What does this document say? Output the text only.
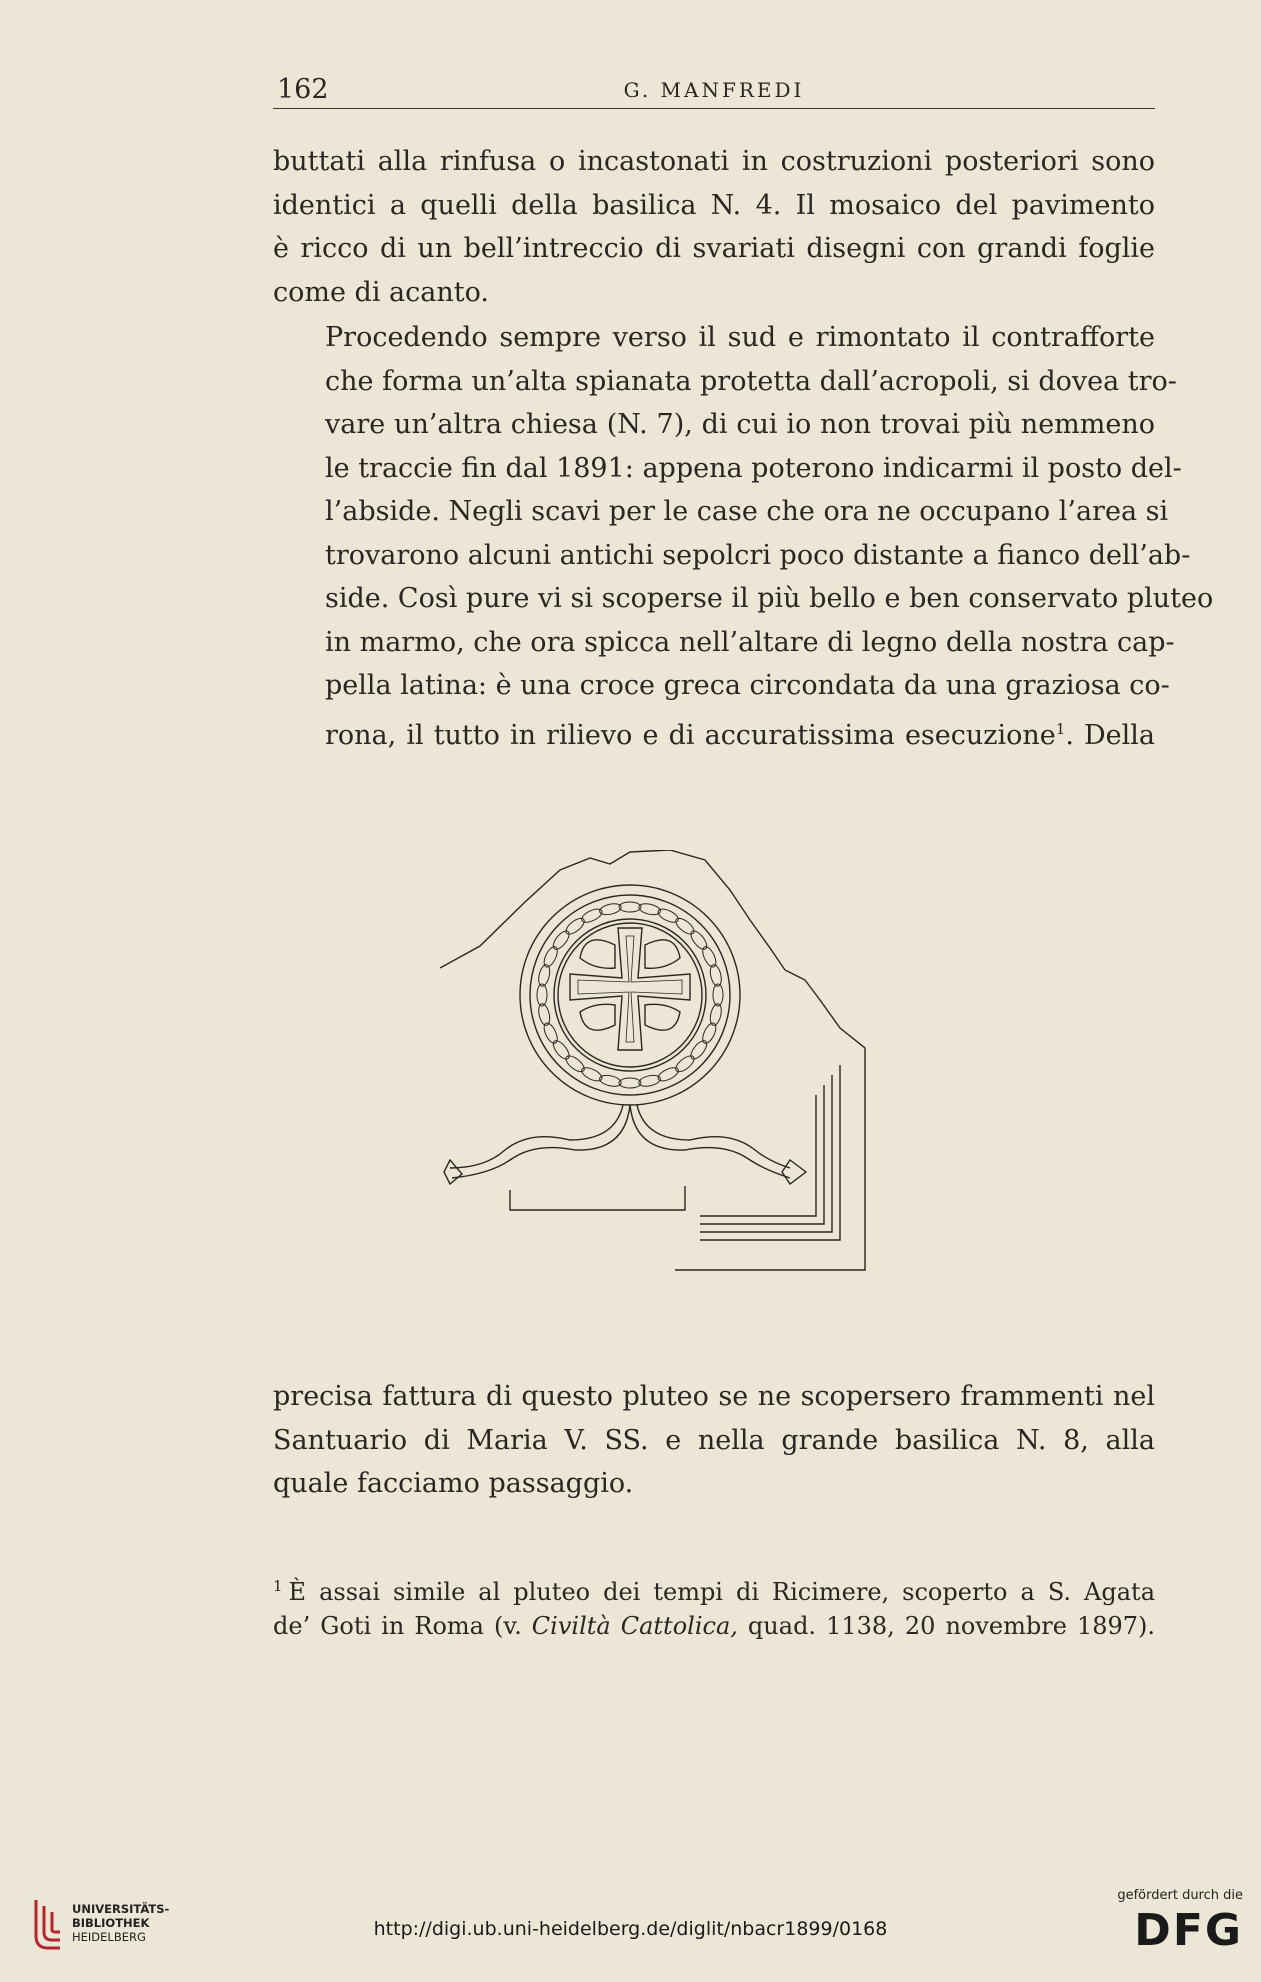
162	G. MANFREDI

buttati alla rinfusa o incastonati in costruzioni posteriori sono
identici a quelli della basilica N. 4. Il mosaico del pavimento
è ricco di un bell’intreccio di svariati disegni con grandi foglie
come di acanto.

Procedendo sempre verso il sud e rimontato il contrafforte
che forma un’alta spianata protetta dall’acropoli, si dovea tro-
vare un’altra chiesa (N. 7), di cui io non trovai più nemmeno
le traccie fin dal 1891: appena poterono indicarmi il posto del-
l’abside. Negli scavi per le case che ora ne occupano l’area si
trovarono alcuni antichi sepolcri poco distante a fianco dell’ab-
side. Così pure vi si scoperse il più bello e ben conservato pluteo
in marmo, che ora spicca nell’altare di legno della nostra cap-
pella latina: è una croce greca circondata da una graziosa co-
rona, il tutto in rilievo e di accuratissima esecuzione$^1$. Della

precisa fattura di questo pluteo se ne scopersero frammenti nel
Santuario di Maria V. SS. e nella grande basilica N. 8, alla
quale facciamo passaggio.

$^1$ È assai simile al pluteo dei tempi di Ricimere, scoperto a S. Agata
de’ Goti in Roma (v. Civiltà Cattolica, quad. 1138, 20 novembre 1897).
UNIVERSITÄTS-
BIBLIOTHEK
HEIDELBERG	http://digi.ub.uni-heidelberg.de/diglit/nbacr1899/0168
gefördert durch die
DFG
